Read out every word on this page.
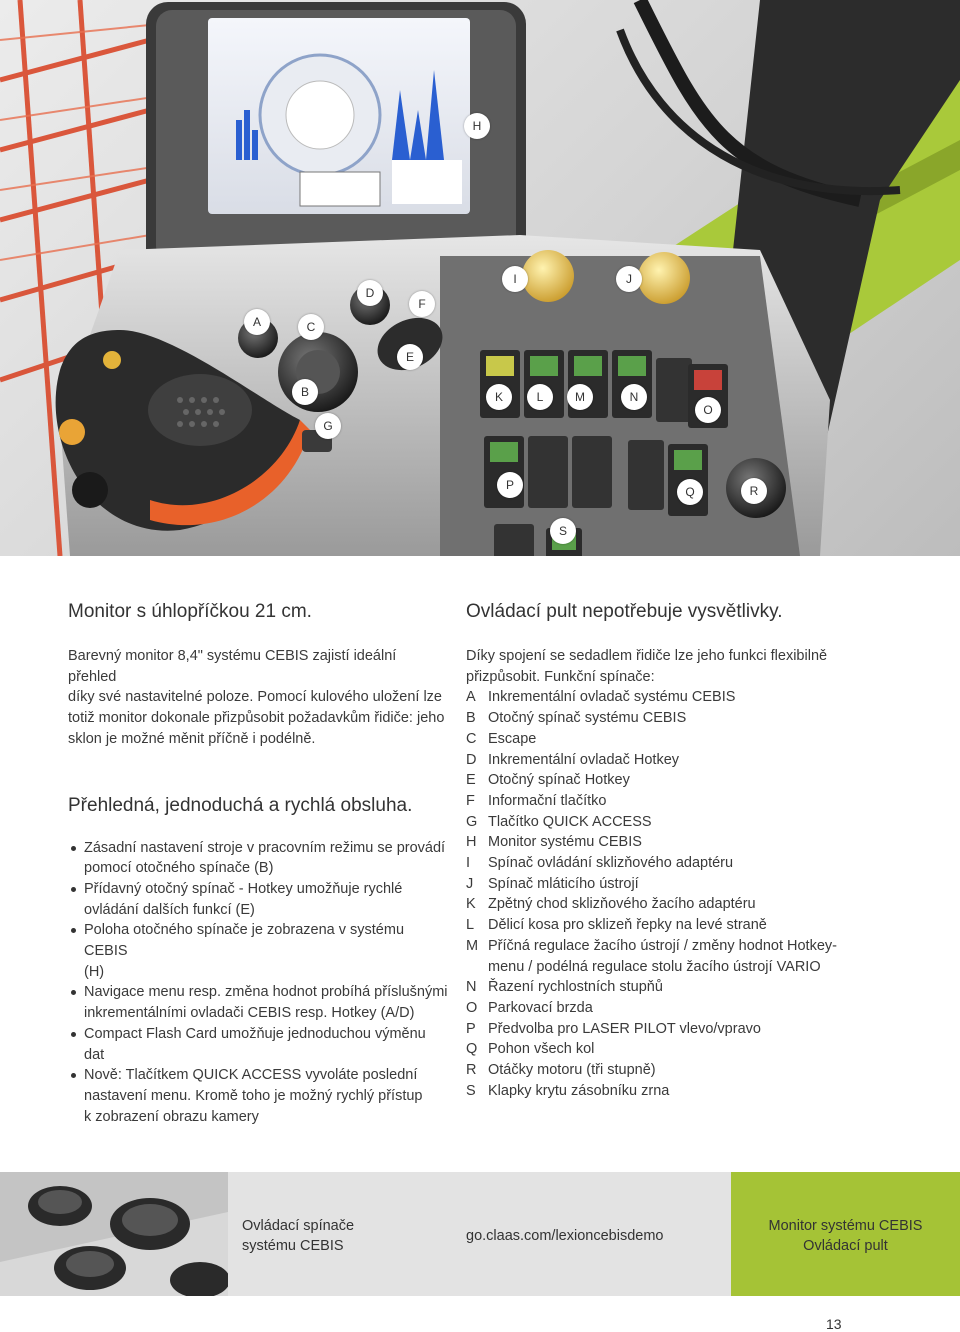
A
B
C
D
E
F
G
H
I	J
K	L	M	N
O
P	Q	R
S
Monitor s úhlopříčkou 21 cm.

Barevný monitor 8,4" systému CEBIS zajistí ideální přehled
díky své nastavitelné poloze. Pomocí kulového uložení lze
totiž monitor dokonale přizpůsobit požadavkům řidiče: jeho
sklon je možné měnit příčně i podélně.

Přehledná, jednoduchá a rychlá obsluha.
Zásadní nastavení stroje v pracovním režimu se provádí
pomocí otočného spínače (B)
Přídavný otočný spínač - Hotkey umožňuje rychlé
ovládání dalších funkcí (E)
Poloha otočného spínače je zobrazena v systému CEBIS
(H)
Navigace menu resp. změna hodnot probíhá příslušnými
inkrementálními ovladači CEBIS resp. Hotkey (A/D)
Compact Flash Card umožňuje jednoduchou výměnu dat
Nově: Tlačítkem QUICK ACCESS vyvoláte poslední
nastavení menu. Kromě toho je možný rychlý přístup
k zobrazení obrazu kamery
Ovládací pult nepotřebuje vysvětlivky.

Díky spojení se sedadlem řidiče lze jeho funkci flexibilně
přizpůsobit. Funkční spínače:

A Inkrementální ovladač systému CEBIS
B Otočný spínač systému CEBIS
C Escape
D Inkrementální ovladač Hotkey
E Otočný spínač Hotkey
F Informační tlačítko
G Tlačítko QUICK ACCESS
H Monitor systému CEBIS
I	Spínač ovládání sklizňového adaptéru
J	Spínač mláticího ústrojí
K Zpětný chod sklizňového žacího adaptéru
L Dělicí kosa pro sklizeň řepky na levé straně
M Příčná regulace žacího ústrojí / změny hodnot Hotkey-
menu / podélná regulace stolu žacího ústrojí VARIO
N Řazení rychlostních stupňů
O Parkovací brzda
P Předvolba pro LASER PILOT vlevo/vpravo
Q Pohon všech kol
R Otáčky motoru (tři stupně)
S Klapky krytu zásobníku zrna
Ovládací spínače
systému CEBIS
go.claas.com/lexioncebisdemo
Monitor systému CEBIS
Ovládací pult
13
